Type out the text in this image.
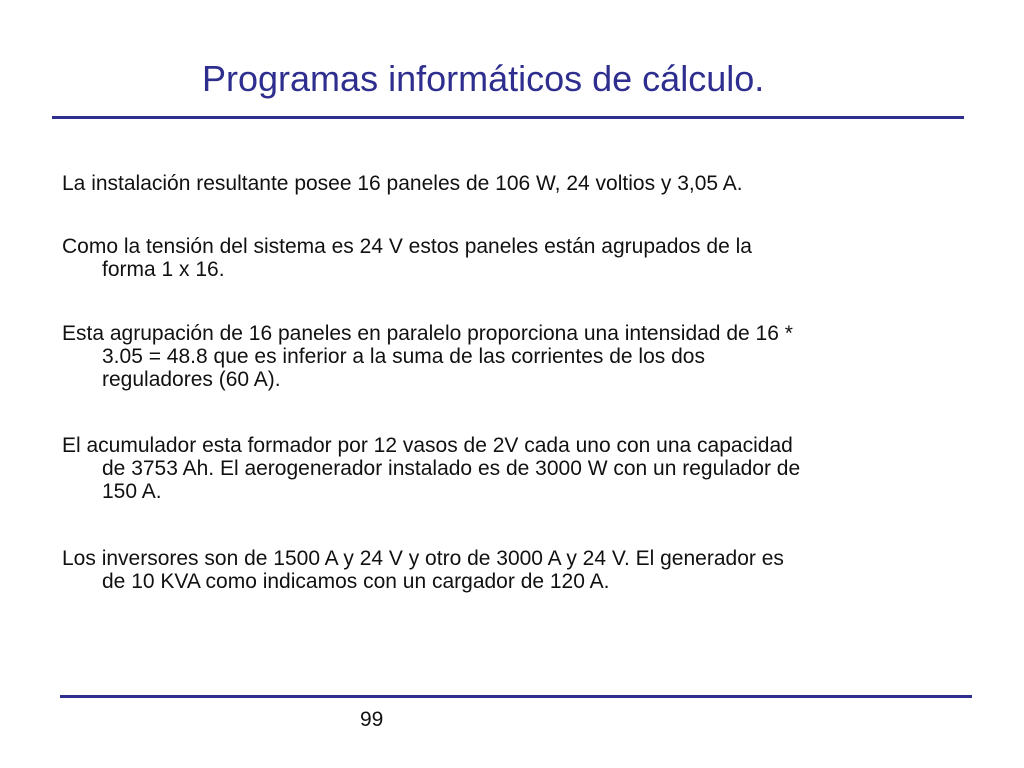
Programas informáticos de cálculo.

La instalación resultante posee 16 paneles de 106 W, 24 voltios y 3,05 A.

Como la tensión del sistema es 24 V estos paneles están agrupados de la
forma 1 x 16.

Esta agrupación de 16 paneles en paralelo proporciona una intensidad de 16 *
3.05 = 48.8 que es inferior a la suma de las corrientes de los dos
reguladores (60 A).

El acumulador esta formador por 12 vasos de 2V cada uno con una capacidad
de 3753 Ah. El aerogenerador instalado es de 3000 W con un regulador de
150 A.

Los inversores son de 1500 A y 24 V y otro de 3000 A y 24 V. El generador es
de 10 KVA como indicamos con un cargador de 120 A.

99
